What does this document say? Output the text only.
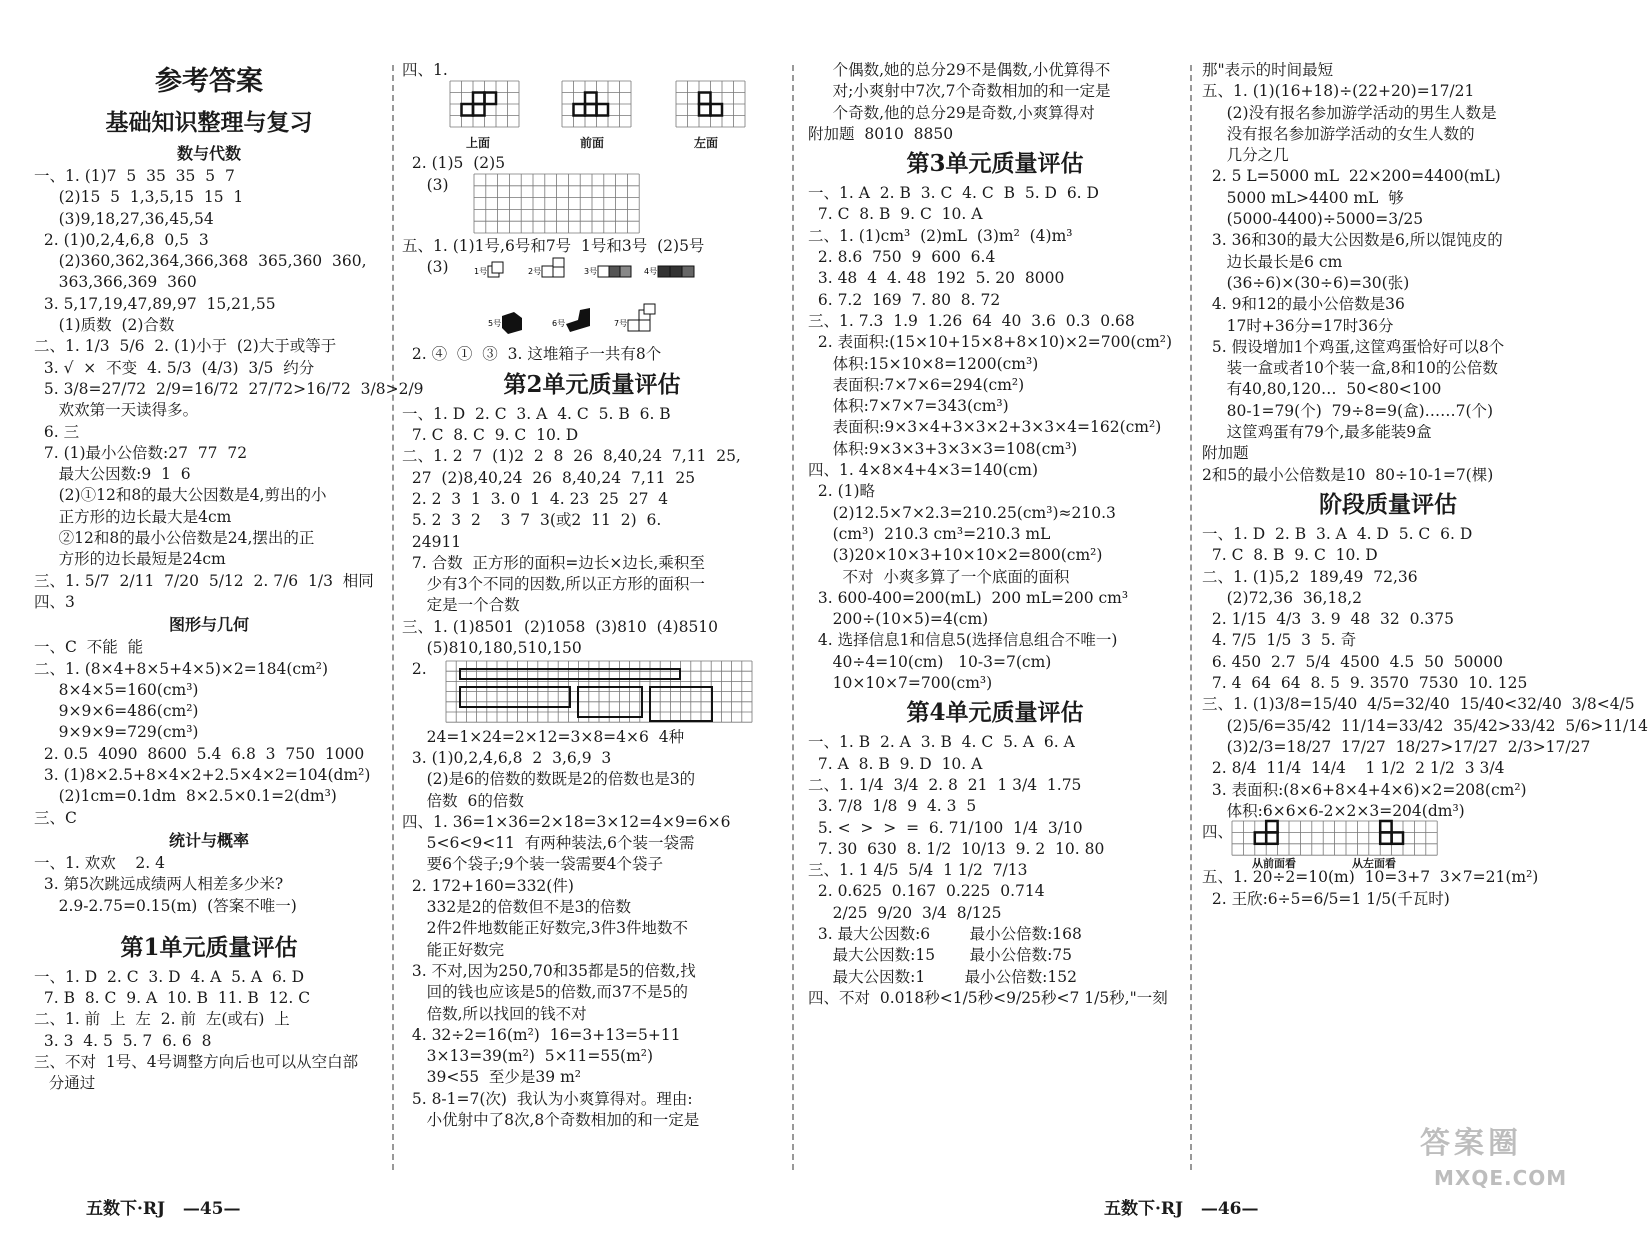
参考答案
基础知识整理与复习
数与代数
一、1. (1)7  5  35  35  5  7
(2)15  5  1,3,5,15  15  1
(3)9,18,27,36,45,54
2. (1)0,2,4,6,8  0,5  3
(2)360,362,364,366,368  365,360  360,
363,366,369  360
3. 5,17,19,47,89,97  15,21,55
(1)质数  (2)合数
二、1. 1/3  5/6  2. (1)小于  (2)大于或等于
3. √  ×  不变  4. 5/3  (4/3)  3/5  约分
5. 3/8=27/72  2/9=16/72  27/72>16/72  3/8>2/9
欢欢第一天读得多。
6. 三
7. (1)最小公倍数:27  77  72
最大公因数:9  1  6
(2)①12和8的最大公因数是4,剪出的小
正方形的边长最大是4cm
②12和8的最小公倍数是24,摆出的正
方形的边长最短是24cm
三、1. 5/7  2/11  7/20  5/12  2. 7/6  1/3  相同
四、3
图形与几何
一、C  不能  能
二、1. (8×4+8×5+4×5)×2=184(cm²)
8×4×5=160(cm³)
9×9×6=486(cm²)
9×9×9=729(cm³)
2. 0.5  4090  8600  5.4  6.8  3  750  1000
3. (1)8×2.5+8×4×2+2.5×4×2=104(dm²)
(2)1cm=0.1dm  8×2.5×0.1=2(dm³)
三、C
统计与概率
一、1. 欢欢    2. 4
3. 第5次跳远成绩两人相差多少米?
2.9-2.75=0.15(m)  (答案不唯一)
第1单元质量评估
一、1. D  2. C  3. D  4. A  5. A  6. D
7. B  8. C  9. A  10. B  11. B  12. C
二、1. 前  上  左  2. 前  左(或右)  上
3. 3  4. 5  5. 7  6. 6  8
三、不对  1号、4号调整方向后也可以从空白部
分通过
四、1.
上面	前面	左面
2. (1)5  (2)5
(3)
五、1. (1)1号,6号和7号  1号和3号  (2)5号
(3)	1号	2号	3号	4号
5号	6号	7号
2. ④  ①  ③  3. 这堆箱子一共有8个
第2单元质量评估
一、1. D  2. C  3. A  4. C  5. B  6. B
7. C  8. C  9. C  10. D
二、1. 2  7  (1)2  2  8  26  8,40,24  7,11  25,
27  (2)8,40,24  26  8,40,24  7,11  25
2. 2  3  1  3. 0  1  4. 23  25  27  4
5. 2  3  2    3  7  3(或2  11  2)  6.
24911
7. 合数  正方形的面积=边长×边长,乘积至
少有3个不同的因数,所以正方形的面积一
定是一个合数
三、1. (1)8501  (2)1058  (3)810  (4)8510
(5)810,180,510,150
2.
24=1×24=2×12=3×8=4×6  4种
3. (1)0,2,4,6,8  2  3,6,9  3
(2)是6的倍数的数既是2的倍数也是3的
倍数  6的倍数
四、1. 36=1×36=2×18=3×12=4×9=6×6
5<6<9<11  有两种装法,6个装一袋需
要6个袋子;9个装一袋需要4个袋子
2. 172+160=332(件)
332是2的倍数但不是3的倍数
2件2件地数能正好数完,3件3件地数不
能正好数完
3. 不对,因为250,70和35都是5的倍数,找
回的钱也应该是5的倍数,而37不是5的
倍数,所以找回的钱不对
4. 32÷2=16(m²)  16=3+13=5+11
3×13=39(m²)  5×11=55(m²)
39<55  至少是39 m²
5. 8-1=7(次)  我认为小爽算得对。理由:
小优射中了8次,8个奇数相加的和一定是
个偶数,她的总分29不是偶数,小优算得不
对;小爽射中7次,7个奇数相加的和一定是
个奇数,他的总分29是奇数,小爽算得对
附加题  8010  8850
第3单元质量评估
一、1. A  2. B  3. C  4. C  B  5. D  6. D
7. C  8. B  9. C  10. A
二、1. (1)cm³  (2)mL  (3)m²  (4)m³
2. 8.6  750  9  600  6.4
3. 48  4  4. 48  192  5. 20  8000
6. 7.2  169  7. 80  8. 72
三、1. 7.3  1.9  1.26  64  40  3.6  0.3  0.68
2. 表面积:(15×10+15×8+8×10)×2=700(cm²)
体积:15×10×8=1200(cm³)
表面积:7×7×6=294(cm²)
体积:7×7×7=343(cm³)
表面积:9×3×4+3×3×2+3×3×4=162(cm²)
体积:9×3×3+3×3×3=108(cm³)
四、1. 4×8×4+4×3=140(cm)
2. (1)略
(2)12.5×7×2.3=210.25(cm³)≈210.3
(cm³)  210.3 cm³=210.3 mL
(3)20×10×3+10×10×2=800(cm²)
不对  小爽多算了一个底面的面积
3. 600-400=200(mL)  200 mL=200 cm³
200÷(10×5)=4(cm)
4. 选择信息1和信息5(选择信息组合不唯一)
40÷4=10(cm)   10-3=7(cm)
10×10×7=700(cm³)
第4单元质量评估
一、1. B  2. A  3. B  4. C  5. A  6. A
7. A  8. B  9. D  10. A
二、1. 1/4  3/4  2. 8  21  1 3/4  1.75
3. 7/8  1/8  9  4. 3  5
5. <  >  >  =  6. 71/100  1/4  3/10
7. 30  630  8. 1/2  10/13  9. 2  10. 80
三、1. 1 4/5  5/4  1 1/2  7/13
2. 0.625  0.167  0.225  0.714
2/25  9/20  3/4  8/125
3. 最大公因数:6        最小公倍数:168
最大公因数:15       最小公倍数:75
最大公因数:1        最小公倍数:152
四、不对  0.018秒<1/5秒<9/25秒<7 1/5秒,"一刻
那"表示的时间最短
五、1. (1)(16+18)÷(22+20)=17/21
(2)没有报名参加游学活动的男生人数是
没有报名参加游学活动的女生人数的
几分之几
2. 5 L=5000 mL  22×200=4400(mL)
5000 mL>4400 mL  够
(5000-4400)÷5000=3/25
3. 36和30的最大公因数是6,所以馄饨皮的
边长最长是6 cm
(36÷6)×(30÷6)=30(张)
4. 9和12的最小公倍数是36
17时+36分=17时36分
5. 假设增加1个鸡蛋,这筐鸡蛋恰好可以8个
装一盒或者10个装一盒,8和10的公倍数
有40,80,120…  50<80<100
80-1=79(个)  79÷8=9(盒)……7(个)
这筐鸡蛋有79个,最多能装9盒
附加题
2和5的最小公倍数是10  80÷10-1=7(棵)
阶段质量评估
一、1. D  2. B  3. A  4. D  5. C  6. D
7. C  8. B  9. C  10. D
二、1. (1)5,2  189,49  72,36
(2)72,36  36,18,2
2. 1/15  4/3  3. 9  48  32  0.375
4. 7/5  1/5  3  5. 奇
6. 450  2.7  5/4  4500  4.5  50  50000
7. 4  64  64  8. 5  9. 3570  7530  10. 125
三、1. (1)3/8=15/40  4/5=32/40  15/40<32/40  3/8<4/5
(2)5/6=35/42  11/14=33/42  35/42>33/42  5/6>11/14
(3)2/3=18/27  17/27  18/27>17/27  2/3>17/27
2. 8/4  11/4  14/4    1 1/2  2 1/2  3 3/4
3. 表面积:(8×6+8×4+4×6)×2=208(cm²)
体积:6×6×6-2×2×3=204(dm³)
四、
从前面看	从左面看
五、1. 20÷2=10(m)  10=3+7  3×7=21(m²)
2. 王欣:6÷5=6/5=1 1/5(千瓦时)
五数下·RJ   —45—	五数下·RJ   —46—
答案圈
MXQE.COM
